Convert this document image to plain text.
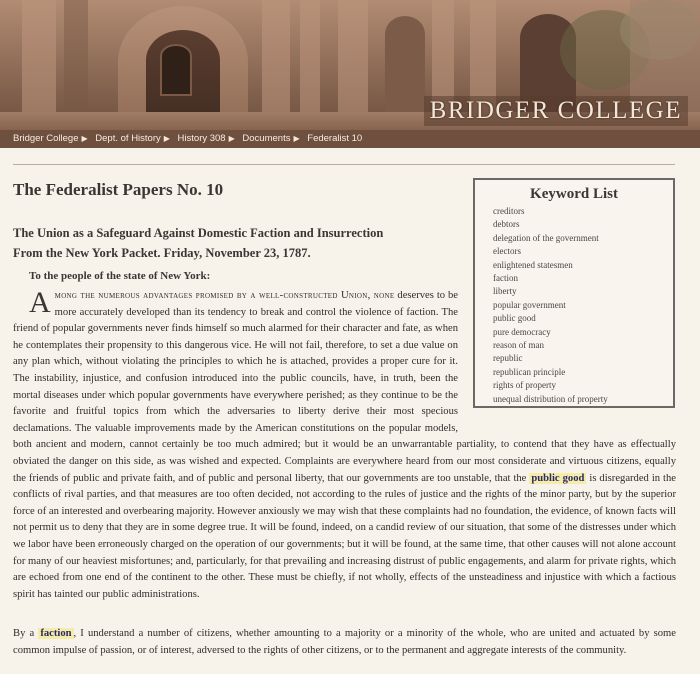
BRIDGER COLLEGE
Bridger College ▶ Dept. of History ▶ History 308 ▶ Documents ▶ Federalist 10
The Federalist Papers No. 10
The Union as a Safeguard Against Domestic Faction and Insurrection
From the New York Packet. Friday, November 23, 1787.
To the people of the state of New York:
Keyword List
creditors
debtors
delegation of the government
electors
enlightened statesmen
faction
liberty
popular government
public good
pure democracy
reason of man
republic
republican principle
rights of property
unequal distribution of property
Among the numerous advantages promised by a well-constructed Union, none deserves to be more accurately developed than its tendency to break and control the violence of faction. The friend of popular governments never finds himself so much alarmed for their character and fate, as when he contemplates their propensity to this dangerous vice. He will not fail, therefore, to set a due value on any plan which, without violating the principles to which he is attached, provides a proper cure for it. The instability, injustice, and confusion introduced into the public councils, have, in truth, been the mortal diseases under which popular governments have everywhere perished; as they continue to be the favorite and fruitful topics from which the adversaries to liberty derive their most specious declamations. The valuable improvements made by the American constitutions on the popular models, both ancient and modern, cannot certainly be too much admired; but it would be an unwarrantable partiality, to contend that they have as effectually obviated the danger on this side, as was wished and expected. Complaints are everywhere heard from our most considerate and virtuous citizens, equally the friends of public and private faith, and of public and personal liberty, that our governments are too unstable, that the public good is disregarded in the conflicts of rival parties, and that measures are too often decided, not according to the rules of justice and the rights of the minor party, but by the superior force of an interested and overbearing majority. However anxiously we may wish that these complaints had no foundation, the evidence, of known facts will not permit us to deny that they are in some degree true. It will be found, indeed, on a candid review of our situation, that some of the distresses under which we labor have been erroneously charged on the operation of our governments; but it will be found, at the same time, that other causes will not alone account for many of our heaviest misfortunes; and, particularly, for that prevailing and increasing distrust of public engagements, and alarm for private rights, which are echoed from one end of the continent to the other. These must be chiefly, if not wholly, effects of the unsteadiness and injustice with which a factious spirit has tainted our public administrations.
By a faction , I understand a number of citizens, whether amounting to a majority or a minority of the whole, who are united and actuated by some common impulse of passion, or of interest, adversed to the rights of other citizens, or to the permanent and aggregate interests of the community.
